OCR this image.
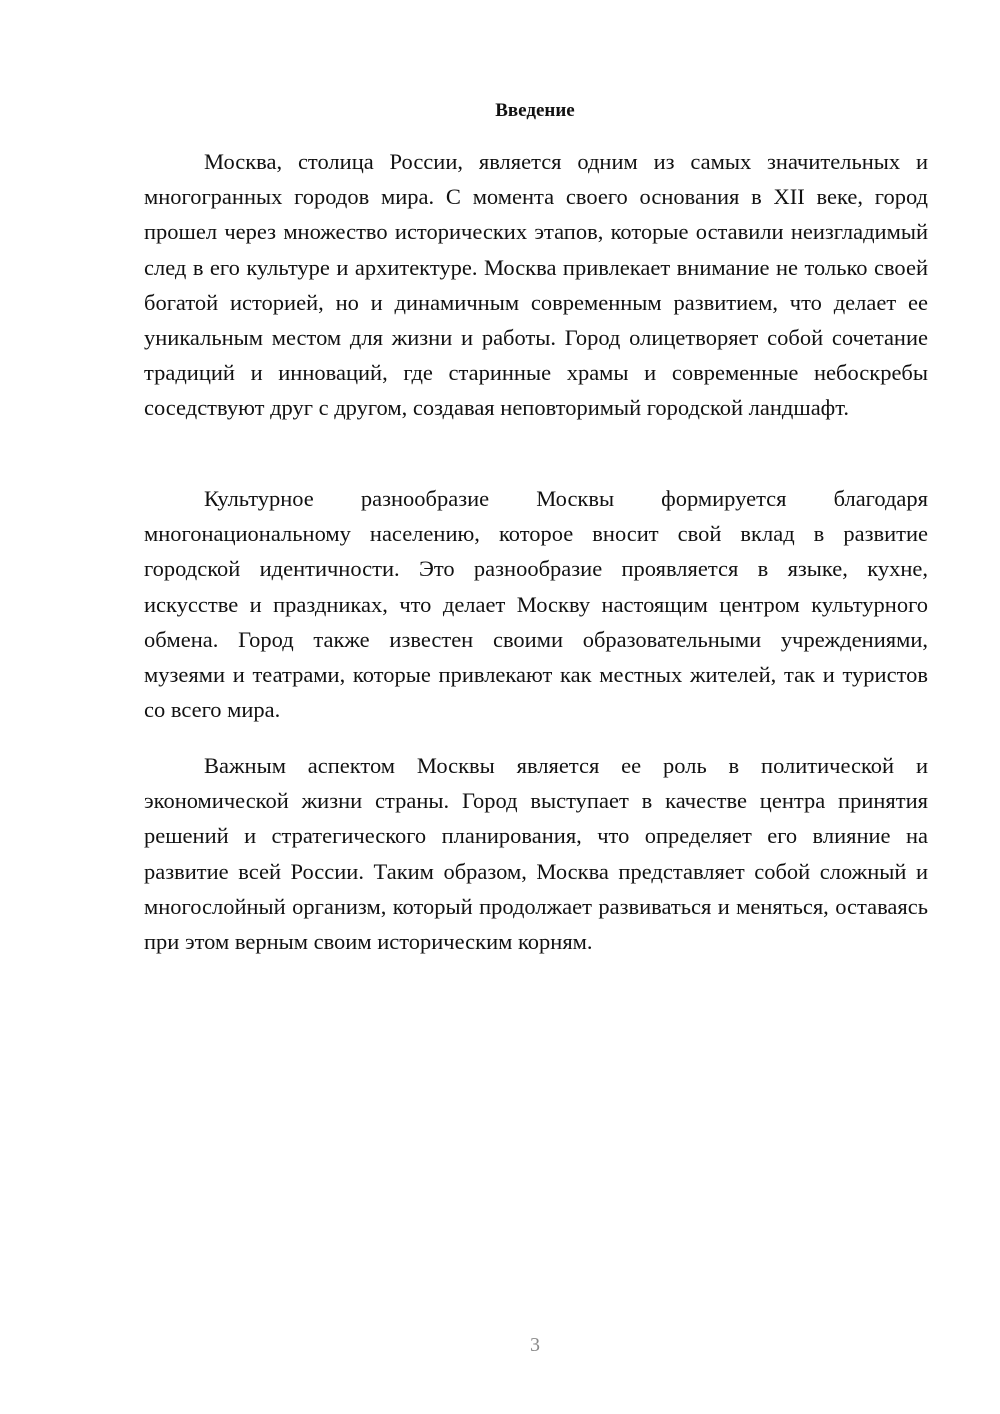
Введение

Москва, столица России, является одним из самых значительных и многогранных городов мира. С момента своего основания в XII веке, город прошел через множество исторических этапов, которые оставили неизгладимый след в его культуре и архитектуре. Москва привлекает внимание не только своей богатой историей, но и динамичным современным развитием, что делает ее уникальным местом для жизни и работы. Город олицетворяет собой сочетание традиций и инноваций, где старинные храмы и современные небоскребы соседствуют друг с другом, создавая неповторимый городской ландшафт.

Культурное разнообразие Москвы формируется благодаря многонациональному населению, которое вносит свой вклад в развитие городской идентичности. Это разнообразие проявляется в языке, кухне, искусстве и праздниках, что делает Москву настоящим центром культурного обмена. Город также известен своими образовательными учреждениями, музеями и театрами, которые привлекают как местных жителей, так и туристов со всего мира.

Важным аспектом Москвы является ее роль в политической и экономической жизни страны. Город выступает в качестве центра принятия решений и стратегического планирования, что определяет его влияние на развитие всей России. Таким образом, Москва представляет собой сложный и многослойный организм, который продолжает развиваться и меняться, оставаясь при этом верным своим историческим корням.

3
